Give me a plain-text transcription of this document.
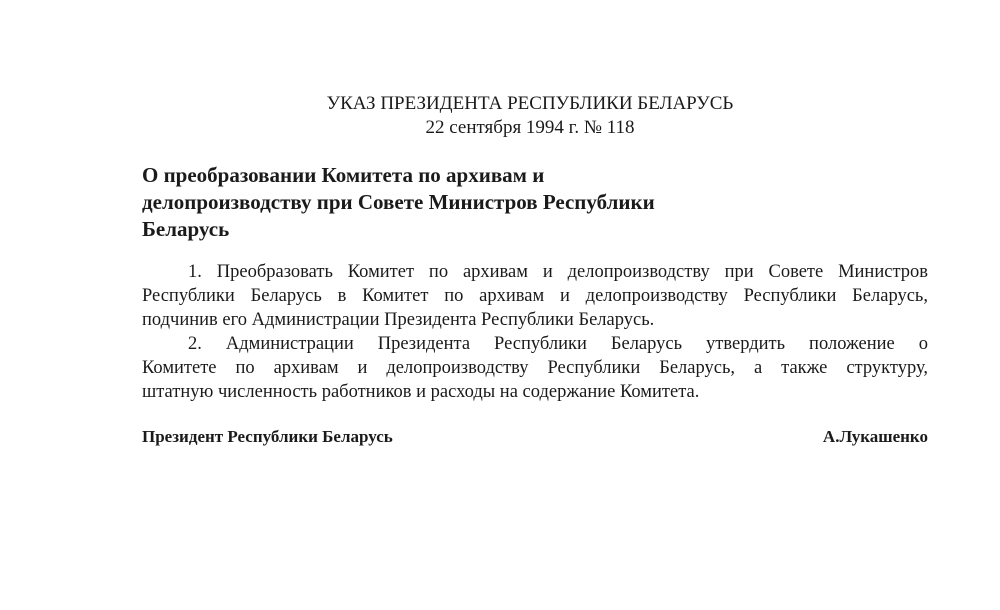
УКАЗ ПРЕЗИДЕНТА РЕСПУБЛИКИ БЕЛАРУСЬ
22 сентября 1994 г. № 118
О преобразовании Комитета по архивам и
делопроизводству при Совете Министров Республики
Беларусь
1. Преобразовать Комитет по архивам и делопроизводству при Совете Министров
Республики Беларусь в Комитет по архивам и делопроизводству Республики Беларусь,
подчинив его Администрации Президента Республики Беларусь.
2. Администрации Президента Республики Беларусь утвердить положение о
Комитете по архивам и делопроизводству Республики Беларусь, а также структуру,
штатную численность работников и расходы на содержание Комитета.
Президент Республики Беларусь	А.Лукашенко
